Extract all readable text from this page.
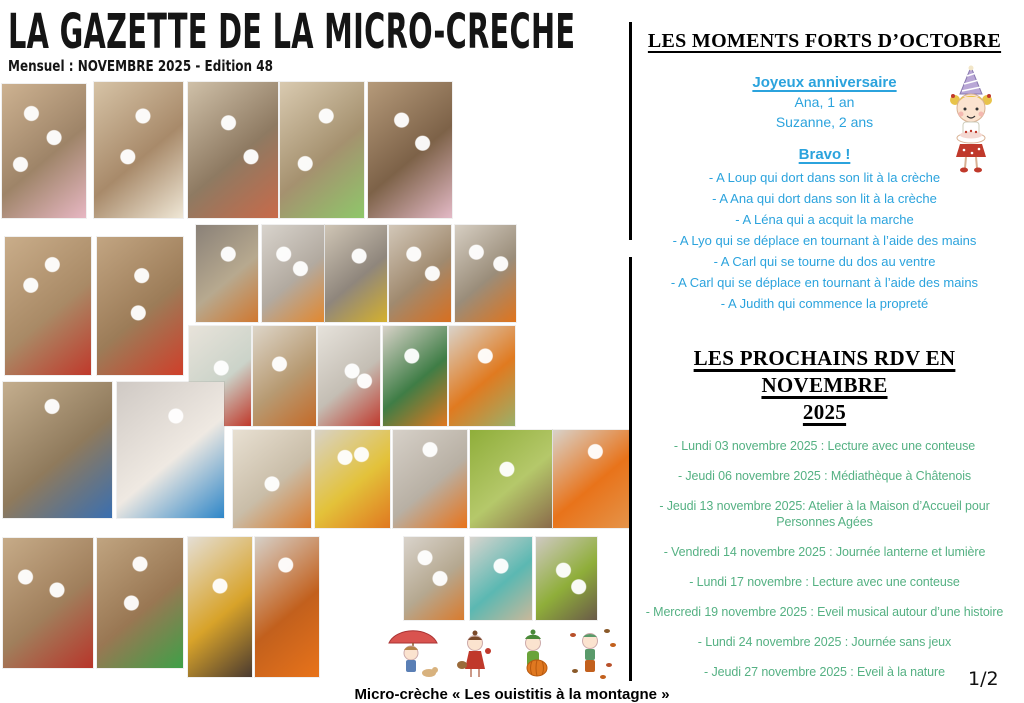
LA GAZETTE DE LA MICRO-CRECHE
Mensuel : NOVEMBRE 2025 - Edition 48
LES MOMENTS FORTS D’OCTOBRE
Joyeux anniversaire
Ana, 1 an
Suzanne, 2 ans
Bravo !
- A Loup qui dort dans son lit à la crèche
- A Ana qui dort dans son lit à la crèche
- A Léna qui a acquit la marche
- A Lyo qui se déplace en tournant à l’aide des mains
- A Carl qui se tourne du dos au ventre
- A Carl qui se déplace en tournant à l’aide des mains
- A Judith qui commence la propreté
LES PROCHAINS RDV EN NOVEMBRE
2025
- Lundi 03 novembre 2025 : Lecture avec une conteuse
- Jeudi 06 novembre 2025 : Médiathèque à Châtenois
- Jeudi 13 novembre 2025: Atelier à la Maison d’Accueil pour Personnes Agées
- Vendredi 14 novembre 2025 : Journée lanterne et lumière
- Lundi 17 novembre : Lecture avec une conteuse
- Mercredi 19 novembre 2025 : Eveil musical autour d’une histoire
- Lundi 24 novembre 2025 : Journée sans jeux
- Jeudi 27 novembre 2025 : Eveil à la nature	1/2
Micro-crèche « Les ouistitis à la montagne »
